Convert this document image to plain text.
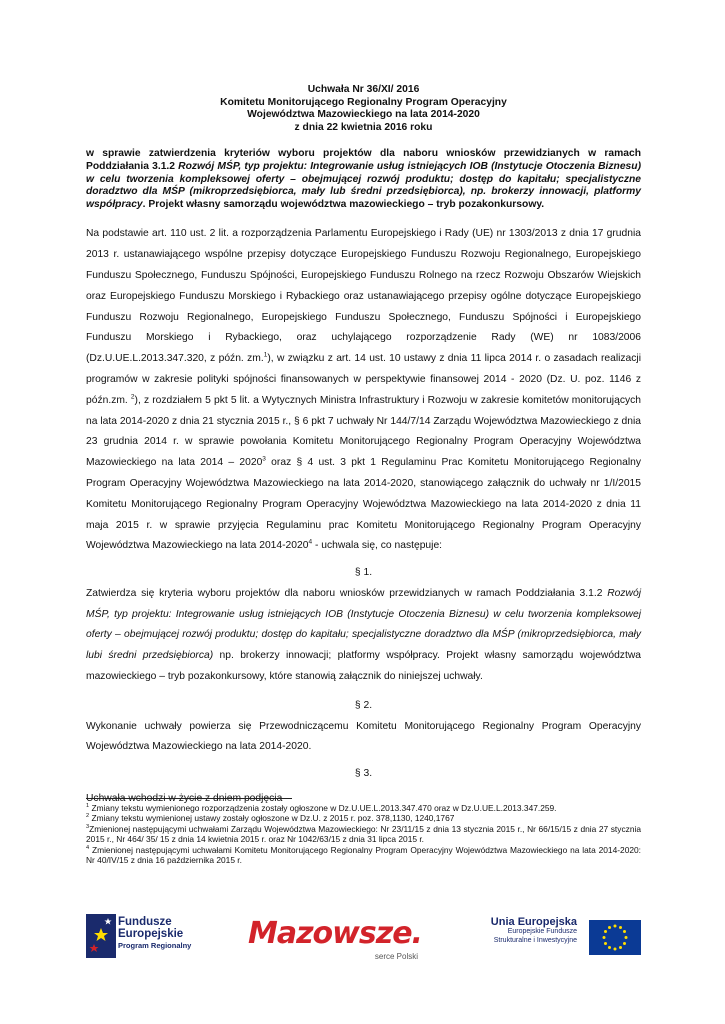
Uchwała Nr 36/XI/ 2016
Komitetu Monitorującego Regionalny Program Operacyjny
Województwa Mazowieckiego na lata 2014-2020
z dnia 22 kwietnia 2016 roku
w sprawie zatwierdzenia kryteriów wyboru projektów dla naboru wniosków przewidzianych w ramach Poddziałania 3.1.2 Rozwój MŚP, typ projektu: Integrowanie usług istniejących IOB (Instytucje Otoczenia Biznesu) w celu tworzenia kompleksowej oferty – obejmującej rozwój produktu; dostęp do kapitału; specjalistyczne doradztwo dla MŚP (mikroprzedsiębiorca, mały lub średni przedsiębiorca), np. brokerzy innowacji, platformy współpracy. Projekt własny samorządu województwa mazowieckiego – tryb pozakonkursowy.
Na podstawie art. 110 ust. 2 lit. a rozporządzenia Parlamentu Europejskiego i Rady (UE) nr 1303/2013 z dnia 17 grudnia 2013 r. ustanawiającego wspólne przepisy dotyczące Europejskiego Funduszu Rozwoju Regionalnego, Europejskiego Funduszu Społecznego, Funduszu Spójności, Europejskiego Funduszu Rolnego na rzecz Rozwoju Obszarów Wiejskich oraz Europejskiego Funduszu Morskiego i Rybackiego oraz ustanawiającego przepisy ogólne dotyczące Europejskiego Funduszu Rozwoju Regionalnego, Europejskiego Funduszu Społecznego, Funduszu Spójności i Europejskiego Funduszu Morskiego i Rybackiego, oraz uchylającego rozporządzenie Rady (WE) nr 1083/2006 (Dz.U.UE.L.2013.347.320, z późn. zm.$^1$), w związku z art. 14 ust. 10 ustawy z dnia 11 lipca 2014 r. o zasadach realizacji programów w zakresie polityki spójności finansowanych w perspektywie finansowej 2014 - 2020 (Dz. U. poz. 1146 z późn.zm. $^2$), z rozdziałem 5 pkt 5 lit. a Wytycznych Ministra Infrastruktury i Rozwoju w zakresie komitetów monitorujących na lata 2014-2020 z dnia 21 stycznia 2015 r., § 6 pkt 7 uchwały Nr 144/7/14 Zarządu Województwa Mazowieckiego z dnia 23 grudnia 2014 r. w sprawie powołania Komitetu Monitorującego Regionalny Program Operacyjny Województwa Mazowieckiego na lata 2014 – 2020$^3$ oraz § 4 ust. 3 pkt 1 Regulaminu Prac Komitetu Monitorującego Regionalny Program Operacyjny Województwa Mazowieckiego na lata 2014-2020, stanowiącego załącznik do uchwały nr 1/I/2015 Komitetu Monitorującego Regionalny Program Operacyjny Województwa Mazowieckiego na lata 2014-2020 z dnia 11 maja 2015 r. w sprawie przyjęcia Regulaminu prac Komitetu Monitorującego Regionalny Program Operacyjny Województwa Mazowieckiego na lata 2014-2020$^4$ - uchwala się, co następuje:
§ 1.
Zatwierdza się kryteria wyboru projektów dla naboru wniosków przewidzianych w ramach Poddziałania 3.1.2 Rozwój MŚP, typ projektu: Integrowanie usług istniejących IOB (Instytucje Otoczenia Biznesu) w celu tworzenia kompleksowej oferty – obejmującej rozwój produktu; dostęp do kapitału; specjalistyczne doradztwo dla MŚP (mikroprzedsiębiorca, mały lubi średni przedsiębiorca) np. brokerzy innowacji; platformy współpracy. Projekt własny samorządu województwa mazowieckiego – tryb pozakonkursowy, które stanowią załącznik do niniejszej uchwały.
§ 2.
Wykonanie uchwały powierza się Przewodniczącemu Komitetu Monitorującego Regionalny Program Operacyjny Województwa Mazowieckiego na lata 2014-2020.
§ 3.
Uchwała wchodzi w życie z dniem podjęcia
$^1$ Zmiany tekstu wymienionego rozporządzenia zostały ogłoszone w Dz.U.UE.L.2013.347.470 oraz w Dz.U.UE.L.2013.347.259.
$^2$ Zmiany tekstu wymienionej ustawy zostały ogłoszone w Dz.U. z 2015 r. poz. 378,1130, 1240,1767
$^3$Zmienionej następującymi uchwałami Zarządu Województwa Mazowieckiego: Nr 23/11/15 z dnia 13 stycznia 2015 r., Nr 66/15/15 z dnia 27 stycznia 2015 r., Nr 464/ 35/ 15 z dnia 14 kwietnia 2015 r. oraz Nr 1042/63/15 z dnia 31 lipca 2015 r.
$^4$ Zmienionej następującymi uchwałami Komitetu Monitorującego Regionalny Program Operacyjny Województwa Mazowieckiego na lata 2014-2020: Nr 40/IV/15 z dnia 16 października 2015 r.
Fundusze
Europejskie
Program Regionalny Mazowsze.
serce Polski
Unia Europejska
Europejskie Fundusze
Strukturalne i Inwestycyjne
